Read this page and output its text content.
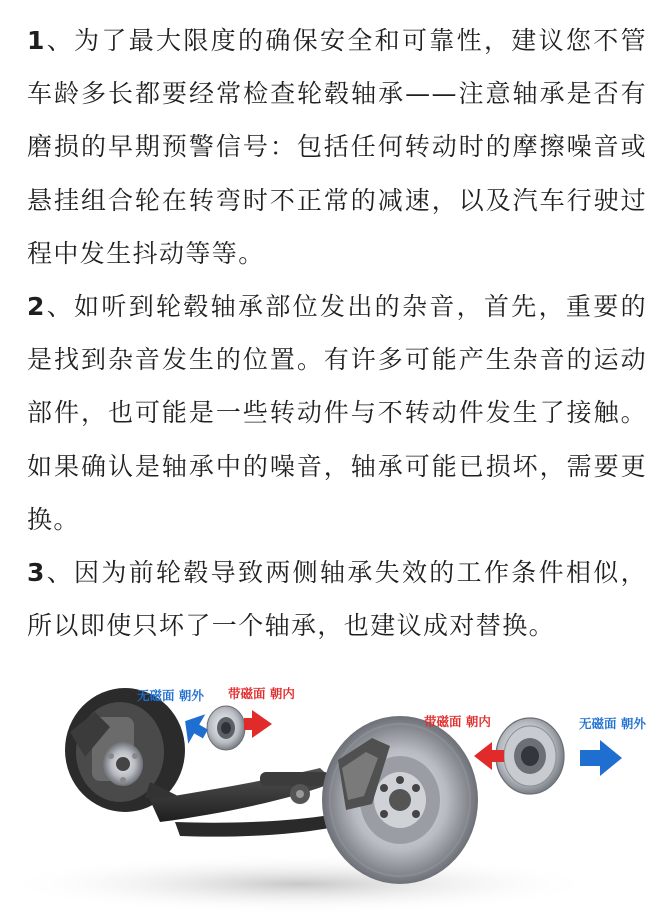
1、为了最大限度的确保安全和可靠性，建议您不管车龄多长都要经常检查轮毂轴承——注意轴承是否有磨损的早期预警信号：包括任何转动时的摩擦噪音或悬挂组合轮在转弯时不正常的减速，以及汽车行驶过程中发生抖动等等。

2、如听到轮毂轴承部位发出的杂音，首先，重要的是找到杂音发生的位置。有许多可能产生杂音的运动部件，也可能是一些转动件与不转动件发生了接触。如果确认是轴承中的噪音，轴承可能已损坏，需要更换。

3、因为前轮毂导致两侧轴承失效的工作条件相似，所以即使只坏了一个轴承，也建议成对替换。

无磁面 朝外 带磁面 朝内
带磁面 朝内	无磁面 朝外
